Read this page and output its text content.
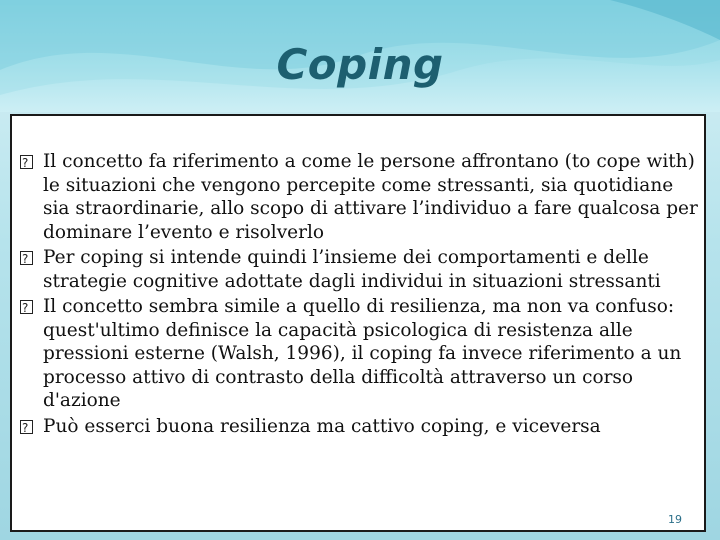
Coping
?
Il concetto fa riferimento a come le persone affrontano (to cope with) le situazioni che vengono percepite come stressanti, sia quotidiane sia straordinarie, allo scopo di attivare l’individuo a fare qualcosa per dominare l’evento e risolverlo
?
Per coping si intende quindi l’insieme dei comportamenti e delle strategie cognitive adottate dagli individui in situazioni stressanti
?
Il concetto sembra simile a quello di resilienza, ma non va confuso: quest'ultimo definisce la capacità psicologica di resistenza alle pressioni esterne (Walsh, 1996), il coping fa invece riferimento a un processo attivo di contrasto della difficoltà attraverso un corso d'azione
?
Può esserci buona resilienza ma cattivo coping, e viceversa
19
